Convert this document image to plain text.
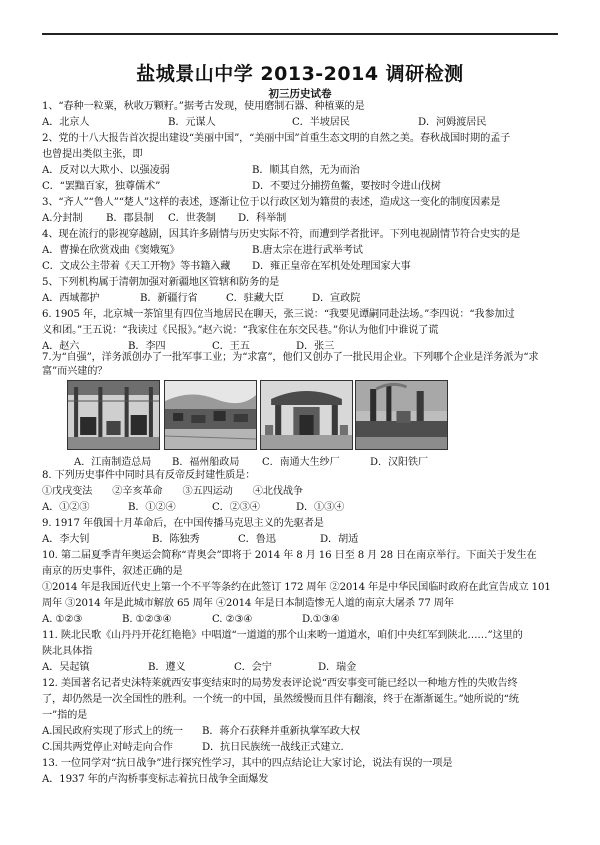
盐城景山中学 2013-2014 调研检测
初三历史试卷
1、“春种一粒粟，秋收万颗籽。”据考古发现，使用磨制石器、种植粟的是
A．北京人	B．元谋人	C．半坡居民	D．河姆渡居民
2、党的十八大报告首次提出建设“美丽中国”，“美丽中国”首重生态文明的自然之美。春秋战国时期的孟子
也曾提出类似主张，即
A．反对以大欺小、以强凌弱	B．顺其自然，无为而治
C．“罢黜百家，独尊儒术”	D．不要过分捕捞鱼鳖，要按时令进山伐树
3、“齐人”“鲁人”“楚人”这样的表述，逐渐让位于以行政区划为籍贯的表述，造成这一变化的制度因素是
A.分封制 B．郡县制 C．世袭制 D．科举制
4、现在流行的影视穿越剧，因其许多剧情与历史实际不符，而遭到学者批评。下列电视剧情节符合史实的是
A．曹操在欣赏戏曲《窦娥冤》	B.唐太宗在进行武举考试
C．文成公主带着《天工开物》等书籍入藏 D．雍正皇帝在军机处处理国家大事
5、下列机构属于清朝加强对新疆地区管辖和防务的是
A．西域都护	B．新疆行省	C．驻藏大臣	D．宣政院
6. 1905 年，北京城一茶馆里有四位当地居民在聊天，张三说：“我要见谭嗣同赴法场。”李四说：“我参加过
义和团。”王五说：“我读过《民报》。”赵六说：“我家住在东交民巷。”你认为他们中谁说了谎
A．赵六	B．李四	C．王五	D．张三
7.为“自强”，洋务派创办了一批军事工业；为“求富”，他们又创办了一批民用企业。下列哪个企业是洋务派为“求
富”而兴建的？
A．江南制造总局 B．福州船政局 C．南通大生纱厂	D．汉阳铁厂
8. 下列历史事件中同时具有反帝反封建性质是：
①戊戌变法　　②辛亥革命　　③五四运动　　④北伐战争
A．①②③	B．①②④	C．②③④	D．①③④
9. 1917 年俄国十月革命后，在中国传播马克思主义的先驱者是
A．李大钊	B．陈独秀	C．鲁迅	D．胡适
10. 第二届夏季青年奥运会简称“青奥会”即将于 2014 年 8 月 16 日至 8 月 28 日在南京举行。下面关于发生在
南京的历史事件，叙述正确的是
①2014 年是我国近代史上第一个不平等条约在此签订 172 周年 ②2014 年是中华民国临时政府在此宣告成立 101
周年 ③2014 年是此城市解放 65 周年 ④2014 年是日本制造惨无人道的南京大屠杀 77 周年
A. ①②③	B. ①②③④	C. ②③④	D.①③④
11. 陕北民歌《山丹丹开花红艳艳》中唱道“一道道的那个山来哟一道道水，咱们中央红军到陕北……”这里的
陕北具体指
A．吴起镇	B．遵义	C．会宁	D．瑞金
12. 美国著名记者史沫特莱就西安事变结束时的局势发表评论说“西安事变可能已经以一种地方性的失败告终
了，却仍然是一次全国性的胜利。一个统一的中国，虽然缓慢而且伴有翻滚，终于在渐渐诞生。”她所说的“统
一”指的是
A.国民政府实现了形式上的统一 B．蒋介石获释并重新执掌军政大权
C.国共两党停止对峙走向合作	D．抗日民族统一战线正式建立.
13. 一位同学对“抗日战争”进行探究性学习，其中的四点结论让大家讨论，说法有误的一项是
A．1937 年的卢沟桥事变标志着抗日战争全面爆发
